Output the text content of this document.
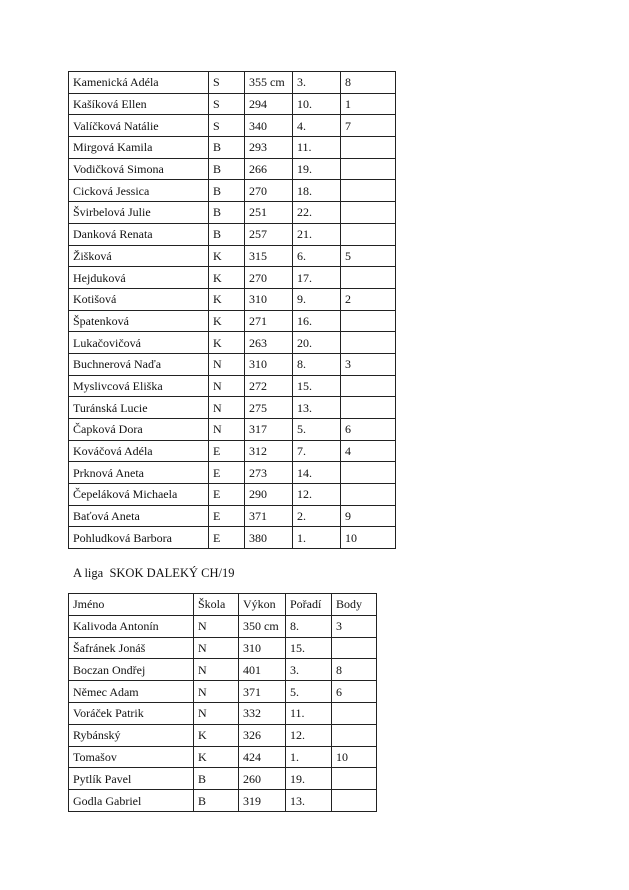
Kamenická Adéla	S	355 cm	3.	8
Kašíková Ellen	S	294	10.	1
Valíčková Natálie	S	340	4.	7
Mirgová Kamila	B	293	11.	
Vodičková Simona	B	266	19.	
Cicková Jessica	B	270	18.	
Švirbelová Julie	B	251	22.	
Danková Renata	B	257	21.	
Žišková	K	315	6.	5
Hejduková	K	270	17.	
Kotišová	K	310	9.	2
Špatenková	K	271	16.	
Lukačovičová	K	263	20.	
Buchnerová Naďa	N	310	8.	3
Myslivcová Eliška	N	272	15.	
Turánská Lucie	N	275	13.	
Čapková Dora	N	317	5.	6
Kováčová Adéla	E	312	7.	4
Prknová Aneta	E	273	14.	
Čepeláková Michaela	E	290	12.	
Baťová Aneta	E	371	2.	9
Pohludková Barbora	E	380	1.	10
A liga  SKOK DALEKÝ CH/19
Jméno	Škola	Výkon	Pořadí	Body
Kalivoda Antonín	N	350 cm	8.	3
Šafránek Jonáš	N	310	15.	
Boczan Ondřej	N	401	3.	8
Němec Adam	N	371	5.	6
Voráček Patrik	N	332	11.	
Rybánský	K	326	12.	
Tomašov	K	424	1.	10
Pytlík Pavel	B	260	19.	
Godla Gabriel	B	319	13.	
